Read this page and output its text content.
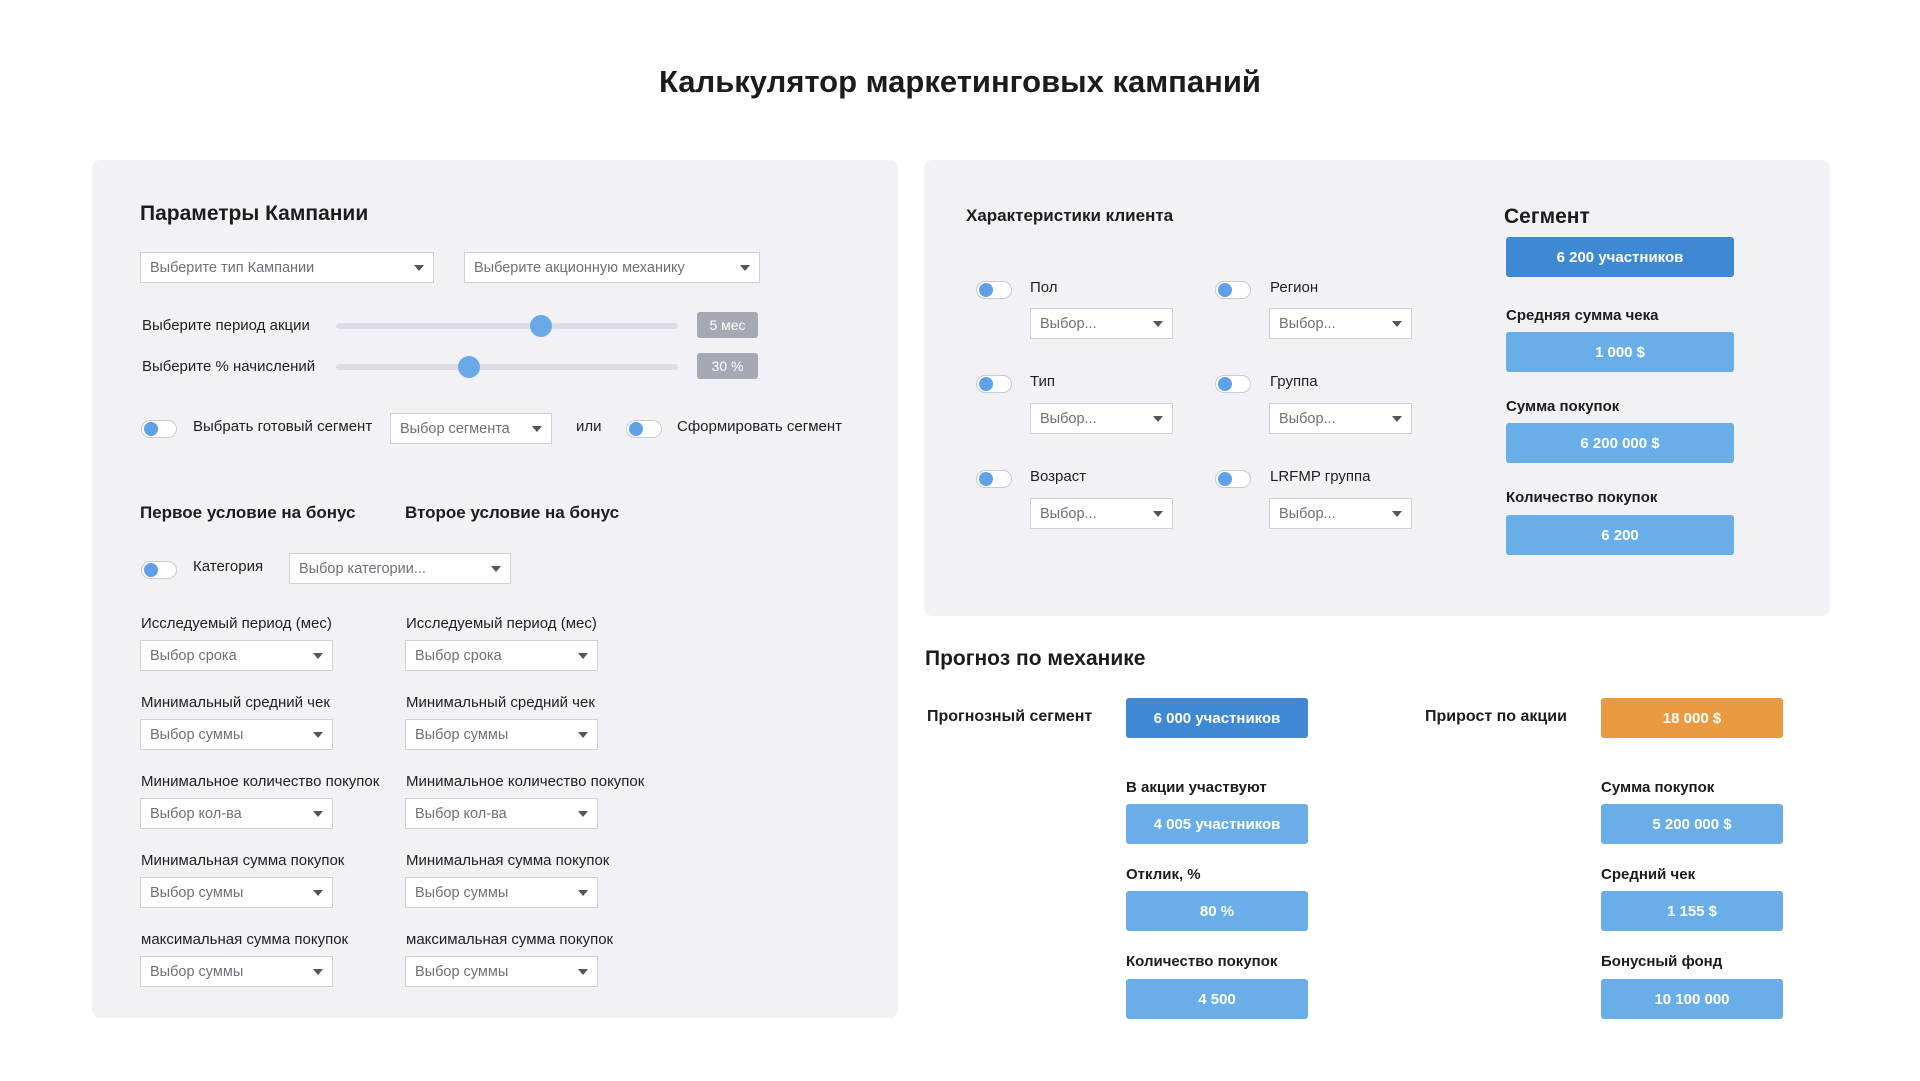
Калькулятор маркетинговых кампаний
Параметры Кампании
Выберите тип Кампании	Выберите акционную механику
Выберите период акции	5 мес
Выберите % начислений	30 %
Выбрать готовый сегмент Выбор сегмента	или	Сформировать сегмент
Первое условие на бонус	Второе условие на бонус
Категория Выбор категории...
Исследуемый период (мес)
Выбор срока
Минимальный средний чек
Выбор суммы
Минимальное количество покупок
Выбор кол-ва
Минимальная сумма покупок
Выбор суммы
максимальная сумма покупок
Выбор суммы
Исследуемый период (мес)
Выбор срока
Минимальный средний чек
Выбор суммы
Минимальное количество покупок
Выбор кол-ва
Минимальная сумма покупок
Выбор суммы
максимальная сумма покупок
Выбор суммы
Характеристики клиента
Пол
Выбор...
Тип
Выбор...
Возраст
Выбор...
Регион
Выбор...
Группа
Выбор...
LRFMP группа
Выбор...
Сегмент
6 200 участников
Средняя сумма чека
1 000 $
Сумма покупок
6 200 000 $
Количество покупок
6 200
Прогноз по механике
Прогнозный сегмент	6 000 участников	Прирост по акции	18 000 $
В акции участвуют
4 005 участников
Отклик, %
80 %
Количество покупок
4 500
Сумма покупок
5 200 000 $
Средний чек
1 155 $
Бонусный фонд
10 100 000
